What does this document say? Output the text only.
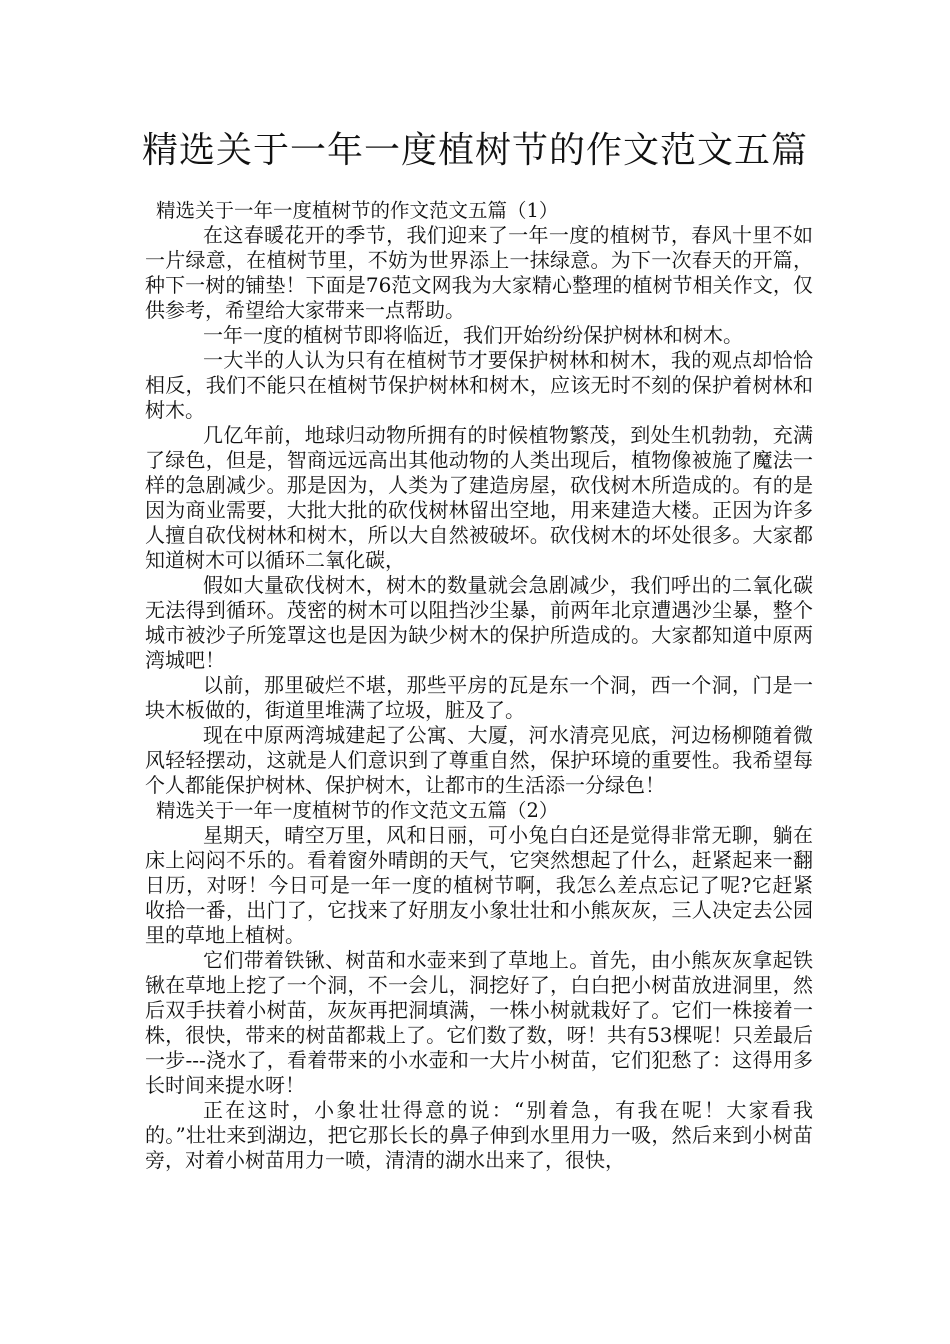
精选关于一年一度植树节的作文范文五篇

精选关于一年一度植树节的作文范文五篇（1）

在这春暖花开的季节，我们迎来了一年一度的植树节，春风十里不如一片绿意，在植树节里，不妨为世界添上一抹绿意。为下一次春天的开篇，种下一树的铺垫！下面是76范文网我为大家精心整理的植树节相关作文，仅供参考，希望给大家带来一点帮助。

一年一度的植树节即将临近，我们开始纷纷保护树林和树木。

一大半的人认为只有在植树节才要保护树林和树木，我的观点却恰恰相反，我们不能只在植树节保护树林和树木，应该无时不刻的保护着树林和树木。

几亿年前，地球归动物所拥有的时候植物繁茂，到处生机勃勃，充满了绿色，但是，智商远远高出其他动物的人类出现后，植物像被施了魔法一样的急剧减少。那是因为，人类为了建造房屋，砍伐树木所造成的。有的是因为商业需要，大批大批的砍伐树林留出空地，用来建造大楼。正因为许多人擅自砍伐树林和树木，所以大自然被破坏。砍伐树木的坏处很多。大家都知道树木可以循环二氧化碳，

假如大量砍伐树木，树木的数量就会急剧减少，我们呼出的二氧化碳无法得到循环。茂密的树木可以阻挡沙尘暴，前两年北京遭遇沙尘暴，整个城市被沙子所笼罩这也是因为缺少树木的保护所造成的。大家都知道中原两湾城吧！

以前，那里破烂不堪，那些平房的瓦是东一个洞，西一个洞，门是一块木板做的，街道里堆满了垃圾，脏及了。

现在中原两湾城建起了公寓、大厦，河水清亮见底，河边杨柳随着微风轻轻摆动，这就是人们意识到了尊重自然，保护环境的重要性。我希望每个人都能保护树林、保护树木，让都市的生活添一分绿色！

精选关于一年一度植树节的作文范文五篇（2）

星期天，晴空万里，风和日丽，可小兔白白还是觉得非常无聊，躺在床上闷闷不乐的。看着窗外晴朗的天气，它突然想起了什么，赶紧起来一翻日历，对呀！今日可是一年一度的植树节啊，我怎么差点忘记了呢?它赶紧收拾一番，出门了，它找来了好朋友小象壮壮和小熊灰灰，三人决定去公园里的草地上植树。

它们带着铁锹、树苗和水壶来到了草地上。首先，由小熊灰灰拿起铁锹在草地上挖了一个洞，不一会儿，洞挖好了，白白把小树苗放进洞里，然后双手扶着小树苗，灰灰再把洞填满，一株小树就栽好了。它们一株接着一株，很快，带来的树苗都栽上了。它们数了数，呀！共有53棵呢！只差最后一步---浇水了，看着带来的小水壶和一大片小树苗，它们犯愁了：这得用多长时间来提水呀！

正在这时，小象壮壮得意的说：“别着急，有我在呢！大家看我的。”壮壮来到湖边，把它那长长的鼻子伸到水里用力一吸，然后来到小树苗旁，对着小树苗用力一喷，清清的湖水出来了，很快，
